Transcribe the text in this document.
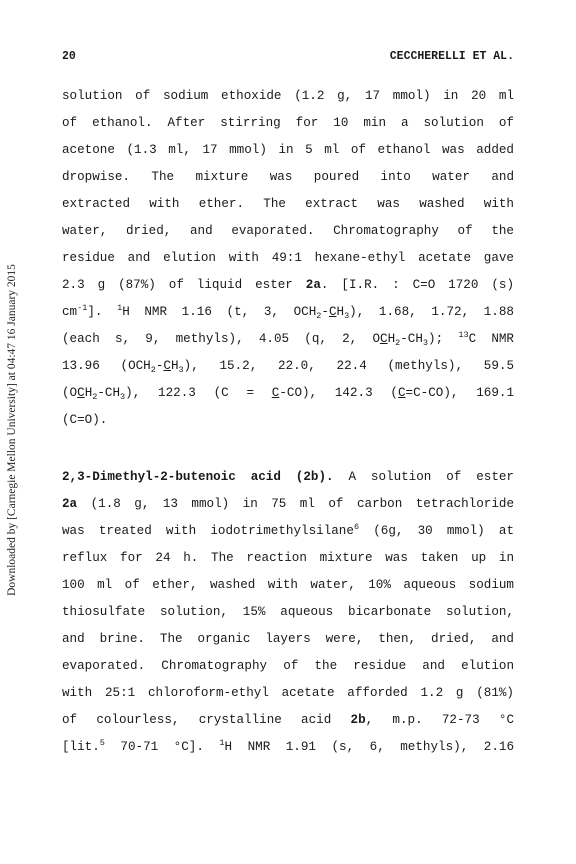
Downloaded by [Carnegie Mellon University] at 04:47 16 January 2015
20	CECCHERELLI ET AL.
solution of sodium ethoxide (1.2 g, 17 mmol) in 20 ml
of ethanol. After stirring for 10 min a solution of
acetone (1.3 ml, 17 mmol) in 5 ml of ethanol was added
dropwise. The mixture was poured into water and
extracted with ether. The extract was washed with
water, dried, and evaporated. Chromatography of the
residue and elution with 49:1 hexane-ethyl acetate gave
2.3 g (87%) of liquid ester 2a. [I.R. : C=O 1720 (s)
$cm^{-1}$]. $^1$H NMR 1.16 (t, 3, $OCH_2-CH_3$), 1.68, 1.72, 1.88
(each s, 9, methyls), 4.05 (q, 2, $OCH_2-CH_3$); $^{13}$C NMR
13.96 $(OCH_2-CH_3)$, 15.2, 22.0, 22.4 (methyls), 59.5
$(OCH_2-CH_3)$, 122.3 (C = C-CO), 142.3 (C=C-CO), 169.1
(C=O).
2,3-Dimethyl-2-butenoic acid (2b). A solution of ester
2a (1.8 g, 13 mmol) in 75 ml of carbon tetrachloride
was treated with iodotrimethylsilane$^6$ (6g, 30 mmol) at
reflux for 24 h. The reaction mixture was taken up in
100 ml of ether, washed with water, 10% aqueous sodium
thiosulfate solution, 15% aqueous bicarbonate solution,
and brine. The organic layers were, then, dried, and
evaporated. Chromatography of the residue and elution
with 25:1 chloroform-ethyl acetate afforded 1.2 g (81%)
of colourless, crystalline acid 2b, m.p. 72-73 °C
[lit.$^5$ 70-71 °C]. $^1$H NMR 1.91 (s, 6, methyls), 2.16
